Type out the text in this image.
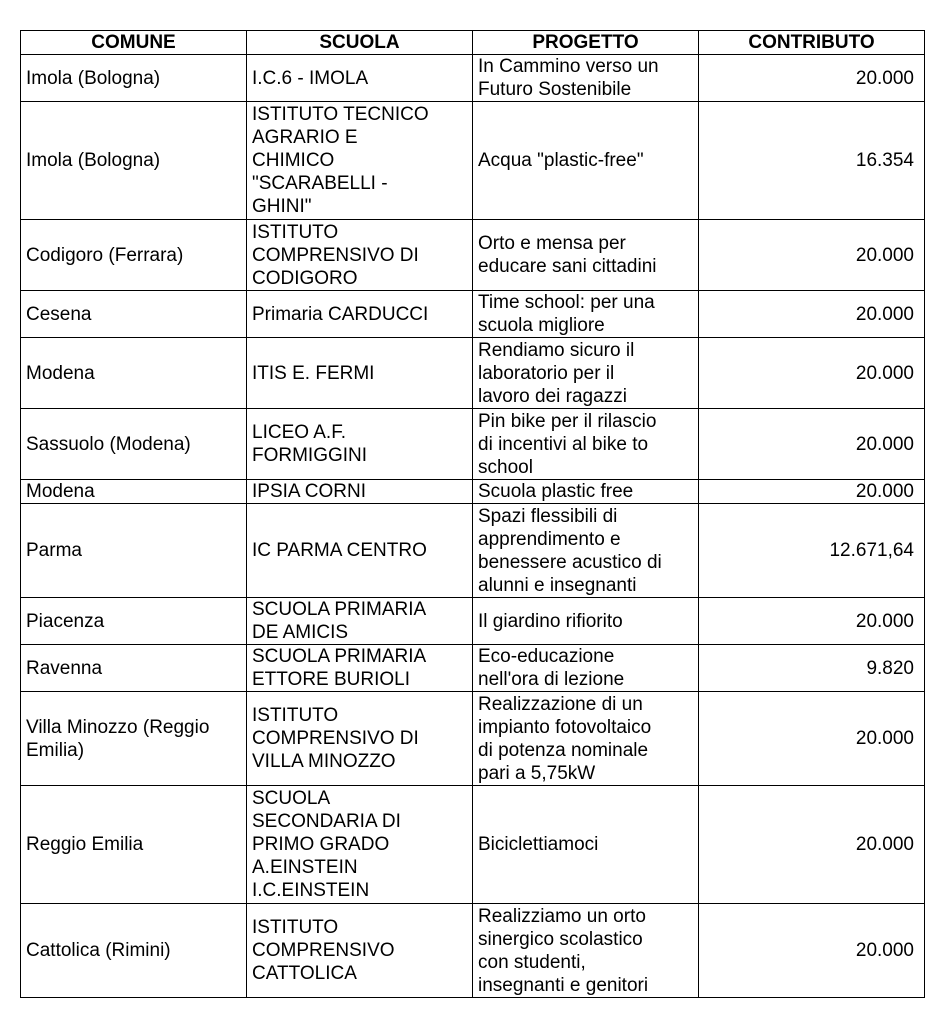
COMUNE	SCUOLA	PROGETTO	CONTRIBUTO

Imola (Bologna)	I.C.6 - IMOLA	In Cammino verso un
Futuro Sostenibile	20.000

Imola (Bologna)	ISTITUTO TECNICO
AGRARIO E
CHIMICO
"SCARABELLI -
GHINI"	Acqua "plastic-free"	16.354

Codigoro (Ferrara)	ISTITUTO
COMPRENSIVO DI
CODIGORO	Orto e mensa per
educare sani cittadini	20.000

Cesena	Primaria CARDUCCI	Time school: per una
scuola migliore	20.000

Modena	ITIS E. FERMI	Rendiamo sicuro il
laboratorio per il
lavoro dei ragazzi	20.000

Sassuolo (Modena)	LICEO A.F.
FORMIGGINI	Pin bike per il rilascio
di incentivi al bike to
school	20.000

Modena	IPSIA CORNI	Scuola plastic free	20.000

Parma	IC PARMA CENTRO	Spazi flessibili di
apprendimento e
benessere acustico di
alunni e insegnanti	12.671,64

Piacenza	SCUOLA PRIMARIA
DE AMICIS	Il giardino rifiorito	20.000

Ravenna	SCUOLA PRIMARIA
ETTORE BURIOLI	Eco-educazione
nell'ora di lezione	9.820

Villa Minozzo (Reggio
Emilia)	ISTITUTO
COMPRENSIVO DI
VILLA MINOZZO	Realizzazione di un
impianto fotovoltaico
di potenza nominale
pari a 5,75kW	20.000

Reggio Emilia	SCUOLA
SECONDARIA DI
PRIMO GRADO
A.EINSTEIN
I.C.EINSTEIN	Biciclettiamoci	20.000

Cattolica (Rimini)	ISTITUTO
COMPRENSIVO
CATTOLICA	Realizziamo un orto
sinergico scolastico
con studenti,
insegnanti e genitori	20.000
